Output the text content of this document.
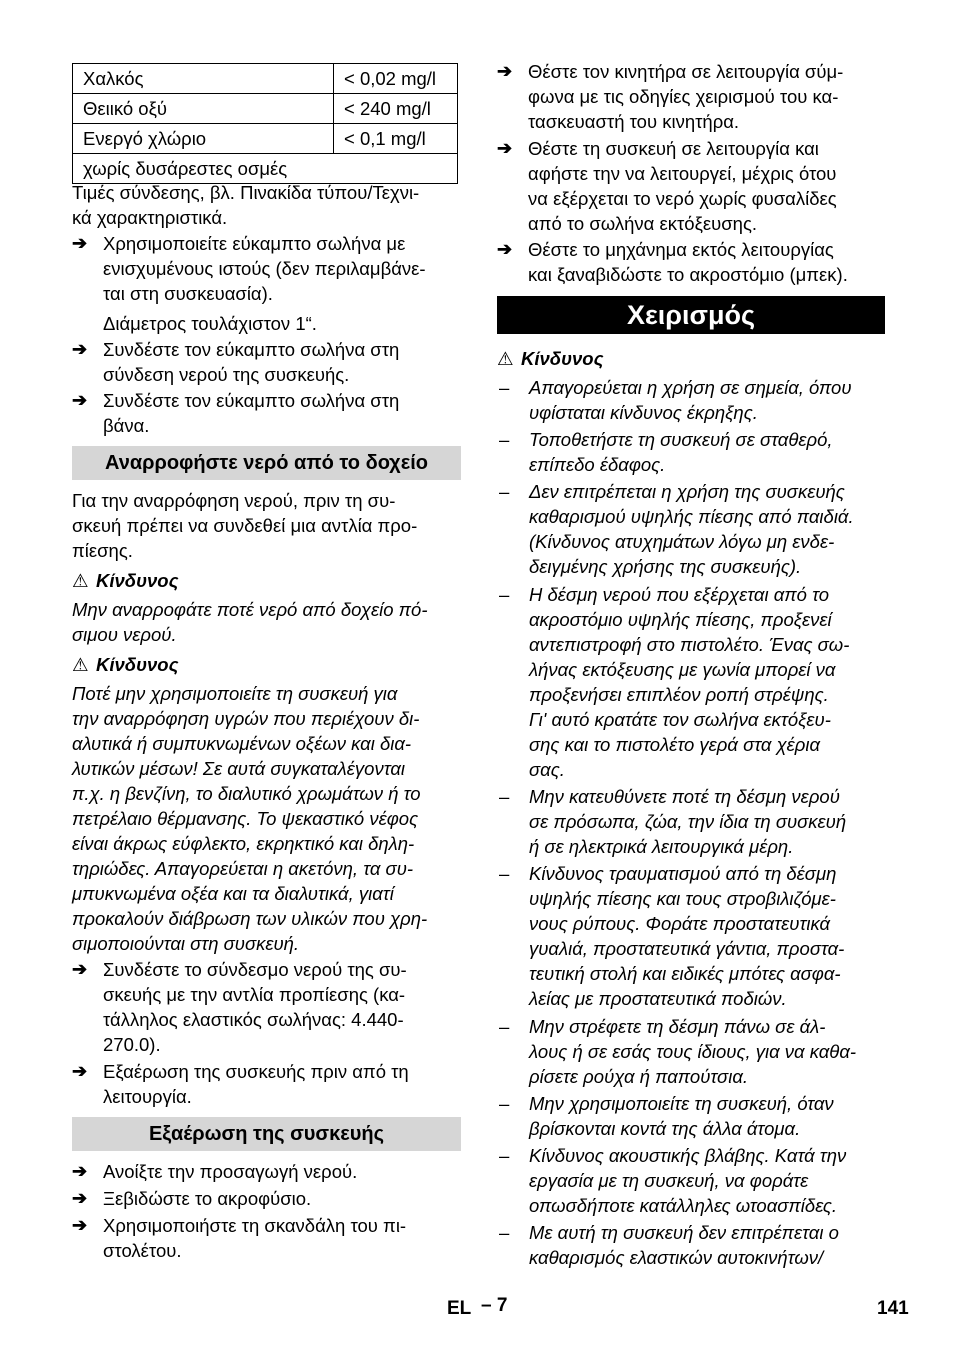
Χαλκός	< 0,02 mg/l
Θειικό οξύ	< 240 mg/l
Ενεργό χλώριο	< 0,1 mg/l
χωρίς δυσάρεστες οσμές	

Τιμές σύνδεσης, βλ. Πινακίδα τύπου/Τεχνι-
κά χαρακτηριστικά.

➔ Χρησιμοποιείτε εύκαμπτο σωλήνα με
ενισχυμένους ιστούς (δεν περιλαμβάνε-
ται στη συσκευασία).

Διάμετρος τουλάχιστον 1“.

➔ Συνδέστε τον εύκαμπτο σωλήνα στη
σύνδεση νερού της συσκευής.

➔ Συνδέστε τον εύκαμπτο σωλήνα στη
βάνα.

Αναρροφήστε νερό από το δοχείο

Για την αναρρόφηση νερού, πριν τη συ-
σκευή πρέπει να συνδεθεί μια αντλία προ-
πίεσης.

⚠ Κίνδυνος

Μην αναρροφάτε ποτέ νερό από δοχείο πό-
σιμου νερού.

⚠ Κίνδυνος

Ποτέ μην χρησιμοποιείτε τη συσκευή για
την αναρρόφηση υγρών που περιέχουν δι-
αλυτικά ή συμπυκνωμένων οξέων και δια-
λυτικών μέσων! Σε αυτά συγκαταλέγονται
π.χ. η βενζίνη, το διαλυτικό χρωμάτων ή το
πετρέλαιο θέρμανσης. Το ψεκαστικό νέφος
είναι άκρως εύφλεκτο, εκρηκτικό και δηλη-
τηριώδες. Απαγορεύεται η ακετόνη, τα συ-
μπυκνωμένα οξέα και τα διαλυτικά, γιατί
προκαλούν διάβρωση των υλικών που χρη-
σιμοποιούνται στη συσκευή.

➔ Συνδέστε το σύνδεσμο νερού της συ-
σκευής με την αντλία προπίεσης (κα-
τάλληλος ελαστικός σωλήνας: 4.440-
270.0).

➔ Εξαέρωση της συσκευής πριν από τη
λειτουργία.

Εξαέρωση της συσκευής
➔ Ανοίξτε την προσαγωγή νερού.

➔ Ξεβιδώστε το ακροφύσιο.

➔ Χρησιμοποιήστε τη σκανδάλη του πι-
στολέτου.

➔ Θέστε τον κινητήρα σε λειτουργία σύμ-
φωνα με τις οδηγίες χειρισμού του κα-
τασκευαστή του κινητήρα.

➔ Θέστε τη συσκευή σε λειτουργία και
αφήστε την να λειτουργεί, μέχρις ότου
να εξέρχεται το νερό χωρίς φυσαλίδες
από το σωλήνα εκτόξευσης.

➔ Θέστε το μηχάνημα εκτός λειτουργίας
και ξαναβιδώστε το ακροστόμιο (μπεκ).

Χειρισμός
⚠ Κίνδυνος
– Απαγορεύεται η χρήση σε σημεία, όπου
υφίσταται κίνδυνος έκρηξης.

– Τοποθετήστε τη συσκευή σε σταθερό,
επίπεδο έδαφος.

– Δεν επιτρέπεται η χρήση της συσκευής
καθαρισμού υψηλής πίεσης από παιδιά.
(Κίνδυνος ατυχημάτων λόγω μη ενδε-
δειγμένης χρήσης της συσκευής).

– Η δέσμη νερού που εξέρχεται από το
ακροστόμιο υψηλής πίεσης, προξενεί
αντεπιστροφή στο πιστολέτο. Ένας σω-
λήνας εκτόξευσης με γωνία μπορεί να
προξενήσει επιπλέον ροπή στρέψης.
Γι' αυτό κρατάτε τον σωλήνα εκτόξευ-
σης και το πιστολέτο γερά στα χέρια
σας.

– Μην κατευθύνετε ποτέ τη δέσμη νερού
σε πρόσωπα, ζώα, την ίδια τη συσκευή
ή σε ηλεκτρικά λειτουργικά μέρη.

– Κίνδυνος τραυματισμού από τη δέσμη
υψηλής πίεσης και τους στροβιλιζόμε-
νους ρύπους. Φοράτε προστατευτικά
γυαλιά, προστατευτικά γάντια, προστα-
τευτική στολή και ειδικές μπότες ασφα-
λείας με προστατευτικά ποδιών.

– Μην στρέφετε τη δέσμη πάνω σε άλ-
λους ή σε εσάς τους ίδιους, για να καθα-
ρίσετε ρούχα ή παπούτσια.

– Μην χρησιμοποιείτε τη συσκευή, όταν
βρίσκονται κοντά της άλλα άτομα.

– Κίνδυνος ακουστικής βλάβης. Κατά την
εργασία με τη συσκευή, να φοράτε
οπωσδήποτε κατάλληλες ωτοασπίδες.

– Με αυτή τη συσκευή δεν επιτρέπεται ο
καθαρισμός ελαστικών αυτοκινήτων/

EL – 7	141
